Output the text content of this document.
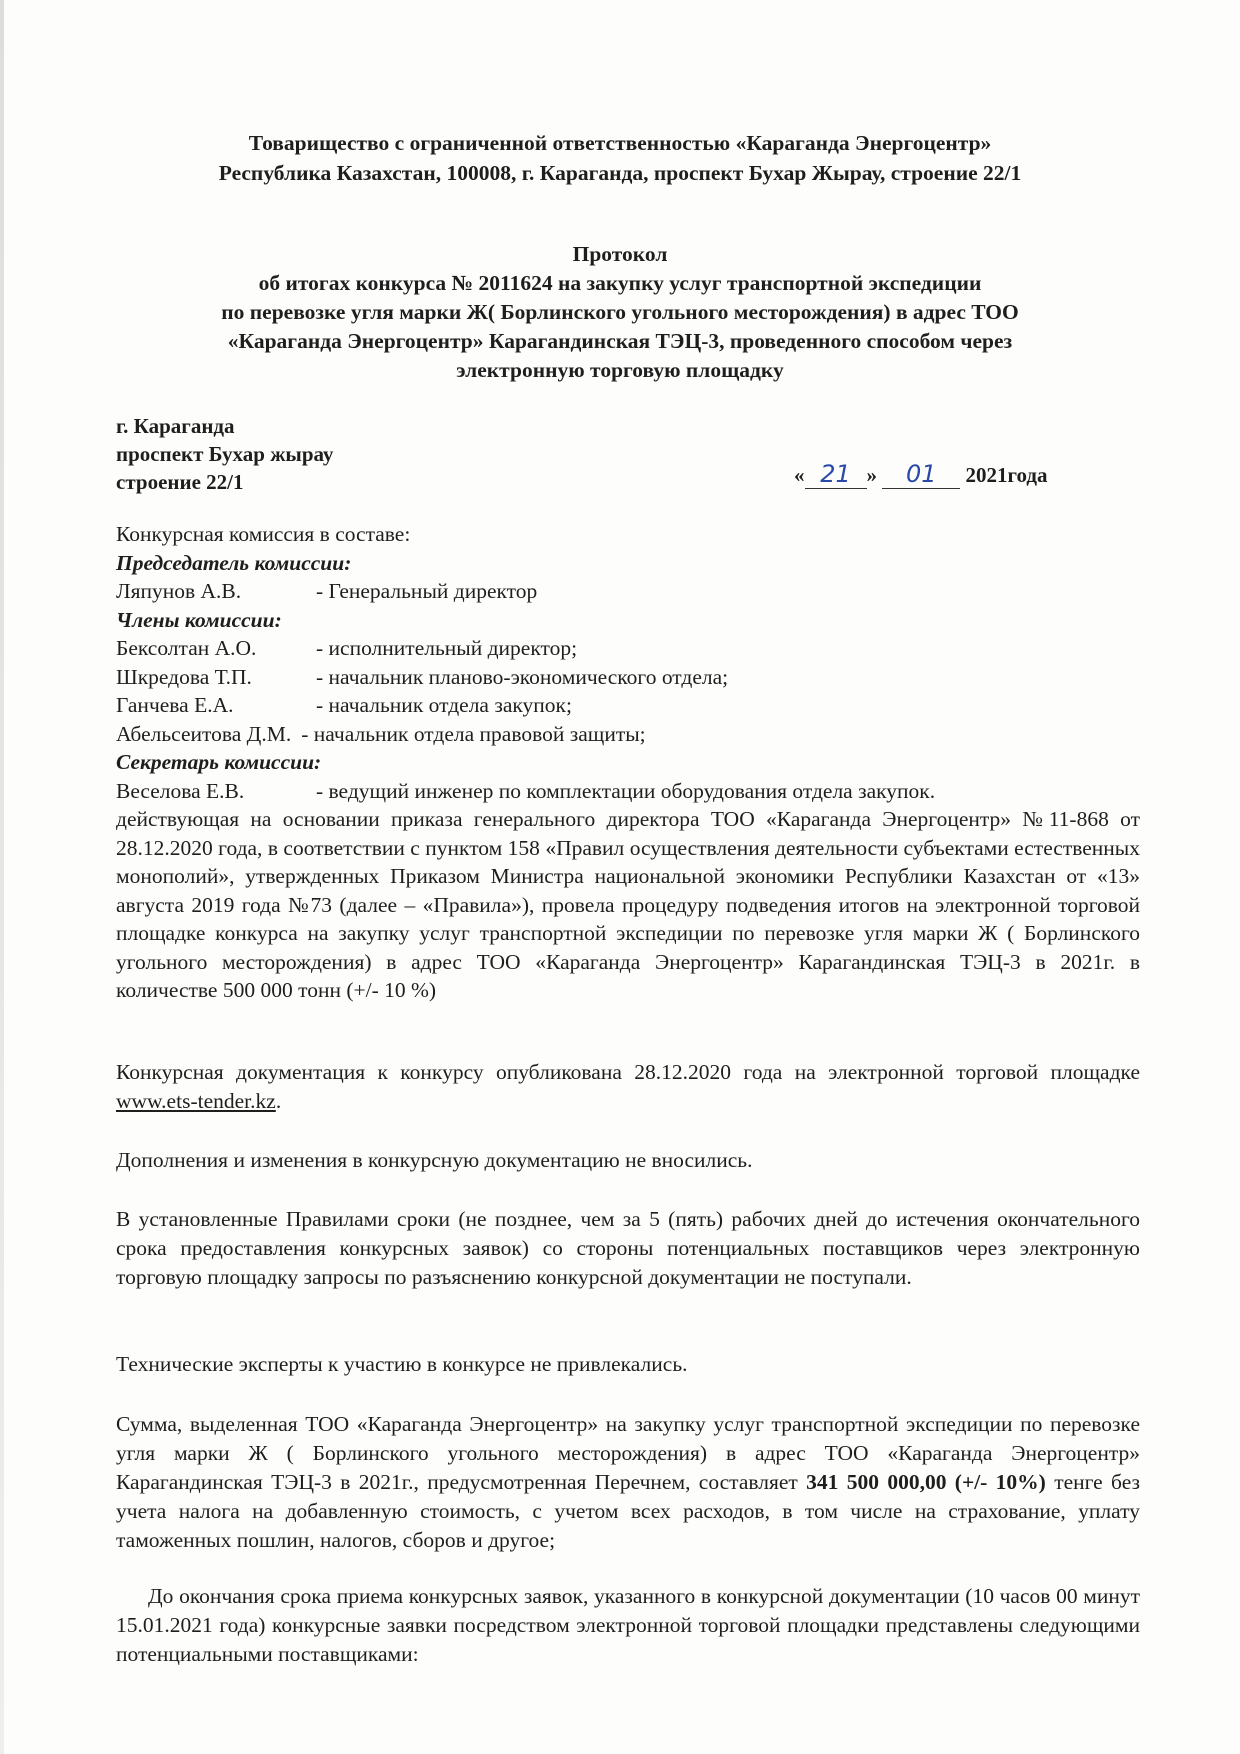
Товарищество с ограниченной ответственностью «Караганда Энергоцентр»
Республика Казахстан, 100008, г. Караганда, проспект Бухар Жырау, строение 22/1
Протокол
об итогах конкурса № 2011624 на закупку услуг транспортной экспедиции
по перевозке угля марки Ж( Борлинского угольного месторождения) в адрес ТОО
«Караганда Энергоцентр» Карагандинская ТЭЦ-3, проведенного способом через
электронную торговую площадку
г. Караганда
проспект Бухар жырау
строение 22/1	« 21 » 01 2021года
Конкурсная комиссия в составе:
Председатель комиссии:
Ляпунов А.В.	- Генеральный директор
Члены комиссии:
Бексолтан А.О.	- исполнительный директор;
Шкредова Т.П.	- начальник планово-экономического отдела;
Ганчева Е.А.	- начальник отдела закупок;
Абельсеитова Д.М. - начальник отдела правовой защиты;
Секретарь комиссии:
Веселова Е.В.	- ведущий инженер по комплектации оборудования отдела закупок.
действующая на основании приказа генерального директора ТОО «Караганда Энергоцентр» №11-868 от 28.12.2020 года, в соответствии с пунктом 158 «Правил осуществления деятельности субъектами естественных монополий», утвержденных Приказом Министра национальной экономики Республики Казахстан от «13» августа 2019 года №73 (далее – «Правила»), провела процедуру подведения итогов на электронной торговой площадке конкурса на закупку услуг транспортной экспедиции по перевозке угля марки Ж ( Борлинского угольного месторождения) в адрес ТОО «Караганда Энергоцентр» Карагандинская ТЭЦ-3 в 2021г. в количестве 500 000 тонн (+/- 10 %)
Конкурсная документация к конкурсу опубликована 28.12.2020 года на электронной торговой площадке www.ets-tender.kz.
Дополнения и изменения в конкурсную документацию не вносились.
В установленные Правилами сроки (не позднее, чем за 5 (пять) рабочих дней до истечения окончательного срока предоставления конкурсных заявок) со стороны потенциальных поставщиков через электронную торговую площадку запросы по разъяснению конкурсной документации не поступали.
Технические эксперты к участию в конкурсе не привлекались.
Сумма, выделенная ТОО «Караганда Энергоцентр» на закупку услуг транспортной экспедиции по перевозке угля марки Ж ( Борлинского угольного месторождения) в адрес ТОО «Караганда Энергоцентр» Карагандинская ТЭЦ-3 в 2021г., предусмотренная Перечнем, составляет 341 500 000,00 (+/- 10%) тенге без учета налога на добавленную стоимость, с учетом всех расходов, в том числе на страхование, уплату таможенных пошлин, налогов, сборов и другое;
До окончания срока приема конкурсных заявок, указанного в конкурсной документации (10 часов 00 минут 15.01.2021 года) конкурсные заявки посредством электронной торговой площадки представлены следующими потенциальными поставщиками:
